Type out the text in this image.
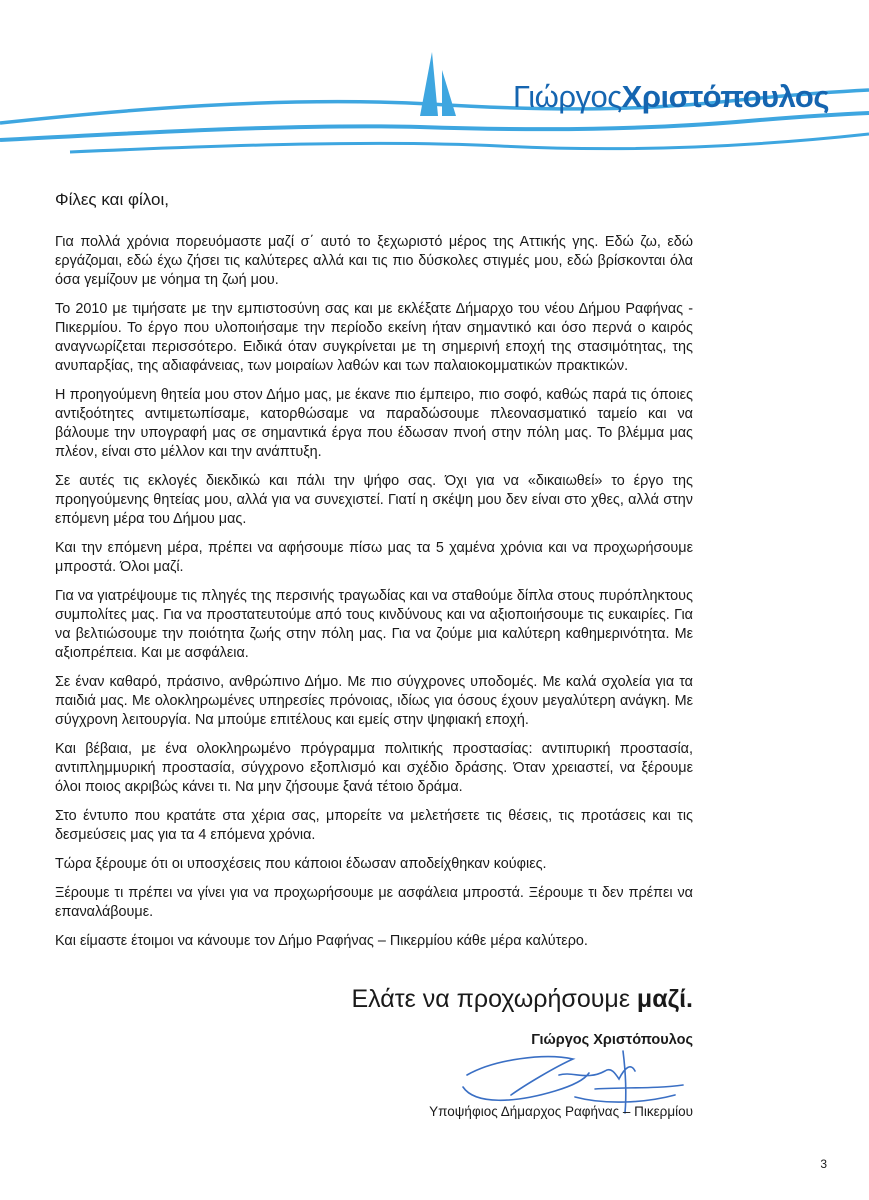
ΓιώργοςΧριστόπουλος

Φίλες και φίλοι,

Για πολλά χρόνια πορευόμαστε μαζί σ΄ αυτό το ξεχωριστό μέρος της Αττικής γης. Εδώ ζω, εδώ εργάζομαι, εδώ έχω ζήσει τις καλύτερες αλλά και τις πιο δύσκολες στιγμές μου, εδώ βρίσκονται όλα όσα γεμίζουν με νόημα τη ζωή μου.

Το 2010 με τιμήσατε με την εμπιστοσύνη σας και με εκλέξατε Δήμαρχο του νέου Δήμου Ραφήνας - Πικερμίου. Το έργο που υλοποιήσαμε την περίοδο εκείνη ήταν σημαντικό και όσο περνά ο καιρός αναγνωρίζεται περισσότερο. Ειδικά όταν συγκρίνεται με τη σημερινή εποχή της στασιμότητας, της ανυπαρξίας, της αδιαφάνειας, των μοιραίων λαθών και των παλαιοκομματικών πρακτικών.

Η προηγούμενη θητεία μου στον Δήμο μας, με έκανε πιο έμπειρο, πιο σοφό, καθώς παρά τις όποιες αντιξοότητες αντιμετωπίσαμε, κατορθώσαμε να παραδώσουμε πλεονασματικό ταμείο και να βάλουμε την υπογραφή μας σε σημαντικά έργα που έδωσαν πνοή στην πόλη μας. Το βλέμμα μας πλέον, είναι στο μέλλον και την ανάπτυξη.

Σε αυτές τις εκλογές διεκδικώ και πάλι την ψήφο σας. Όχι για να «δικαιωθεί» το έργο της προηγούμενης θητείας μου, αλλά για να συνεχιστεί. Γιατί η σκέψη μου δεν είναι στο χθες, αλλά στην επόμενη μέρα του Δήμου μας.

Και την επόμενη μέρα, πρέπει να αφήσουμε πίσω μας τα 5 χαμένα χρόνια και να προχωρήσουμε μπροστά. Όλοι μαζί.

Για να γιατρέψουμε τις πληγές της περσινής τραγωδίας και να σταθούμε δίπλα στους πυρόπληκτους συμπολίτες μας. Για να προστατευτούμε από τους κινδύνους και να αξιοποιήσουμε τις ευκαιρίες. Για να βελτιώσουμε την ποιότητα ζωής στην πόλη μας. Για να ζούμε μια καλύτερη καθημερινότητα. Με αξιοπρέπεια. Και με ασφάλεια.

Σε έναν καθαρό, πράσινο, ανθρώπινο Δήμο. Με πιο σύγχρονες υποδομές. Με καλά σχολεία για τα παιδιά μας. Με ολοκληρωμένες υπηρεσίες πρόνοιας, ιδίως για όσους έχουν μεγαλύτερη ανάγκη. Με σύγχρονη λειτουργία. Να μπούμε επιτέλους και εμείς στην ψηφιακή εποχή.

Και βέβαια, με ένα ολοκληρωμένο πρόγραμμα πολιτικής προστασίας: αντιπυρική προστασία, αντιπλημμυρική προστασία, σύγχρονο εξοπλισμό και σχέδιο δράσης. Όταν χρειαστεί, να ξέρουμε όλοι ποιος ακριβώς κάνει τι. Να μην ζήσουμε ξανά τέτοιο δράμα.

Στο έντυπο που κρατάτε στα χέρια σας, μπορείτε να μελετήσετε τις θέσεις, τις προτάσεις και τις δεσμεύσεις μας για τα 4 επόμενα χρόνια.

Τώρα ξέρουμε ότι οι υποσχέσεις που κάποιοι έδωσαν αποδείχθηκαν κούφιες.

Ξέρουμε τι πρέπει να γίνει για να προχωρήσουμε με ασφάλεια μπροστά. Ξέρουμε τι δεν πρέπει να επαναλάβουμε.

Και είμαστε έτοιμοι να κάνουμε τον Δήμο Ραφήνας – Πικερμίου κάθε μέρα καλύτερο.

Ελάτε να προχωρήσουμε μαζί.
Γιώργος Χριστόπουλος
Υποψήφιος Δήμαρχος Ραφήνας – Πικερμίου
3
